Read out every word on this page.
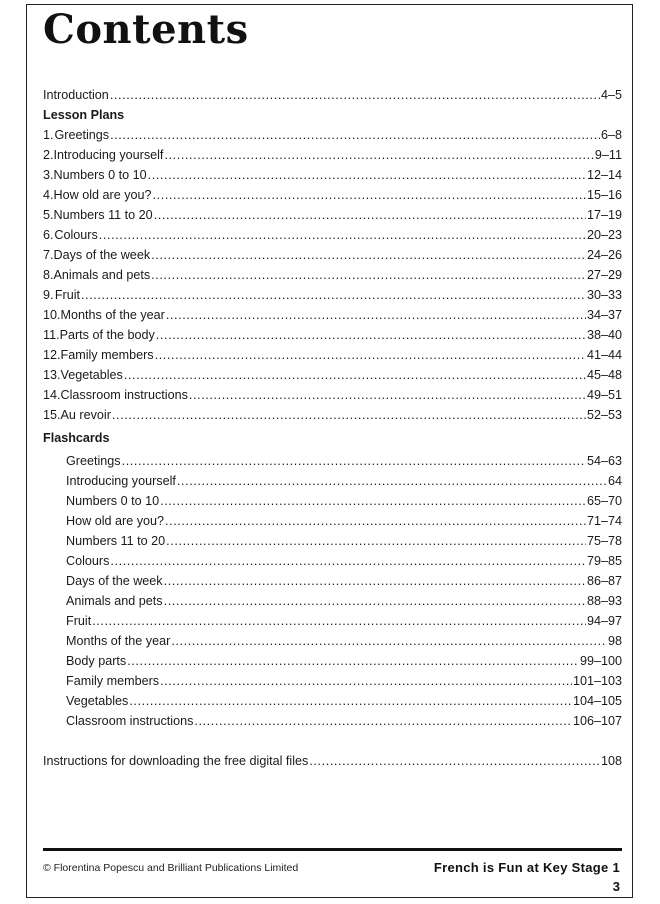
Contents
Introduction .....	4–5
Lesson Plans
1. Greetings .....	6–8
2. Introducing yourself .....	9–11
3. Numbers 0 to 10 .....	12–14
4. How old are you? .....	15–16
5. Numbers 11 to 20 .....	17–19
6. Colours .....	20–23
7. Days of the week .....	24–26
8. Animals and pets .....	27–29
9. Fruit .....	30–33
10. Months of the year .....	34–37
11. Parts of the body .....	38–40
12. Family members .....	41–44
13. Vegetables .....	45–48
14. Classroom instructions .....	49–51
15. Au revoir .....	52–53
Flashcards
Greetings .....	54–63
Introducing yourself .....	64
Numbers 0 to 10 .....	65–70
How old are you? .....	71–74
Numbers 11 to 20 .....	75–78
Colours .....	79–85
Days of the week .....	86–87
Animals and pets .....	88–93
Fruit .....	94–97
Months of the year .....	98
Body parts .....	99–100
Family members .....	101–103
Vegetables .....	104–105
Classroom instructions .....	106–107
Instructions for downloading the free digital files .....	108
© Florentina Popescu and Brilliant Publications Limited	French is Fun at Key Stage 1
3
